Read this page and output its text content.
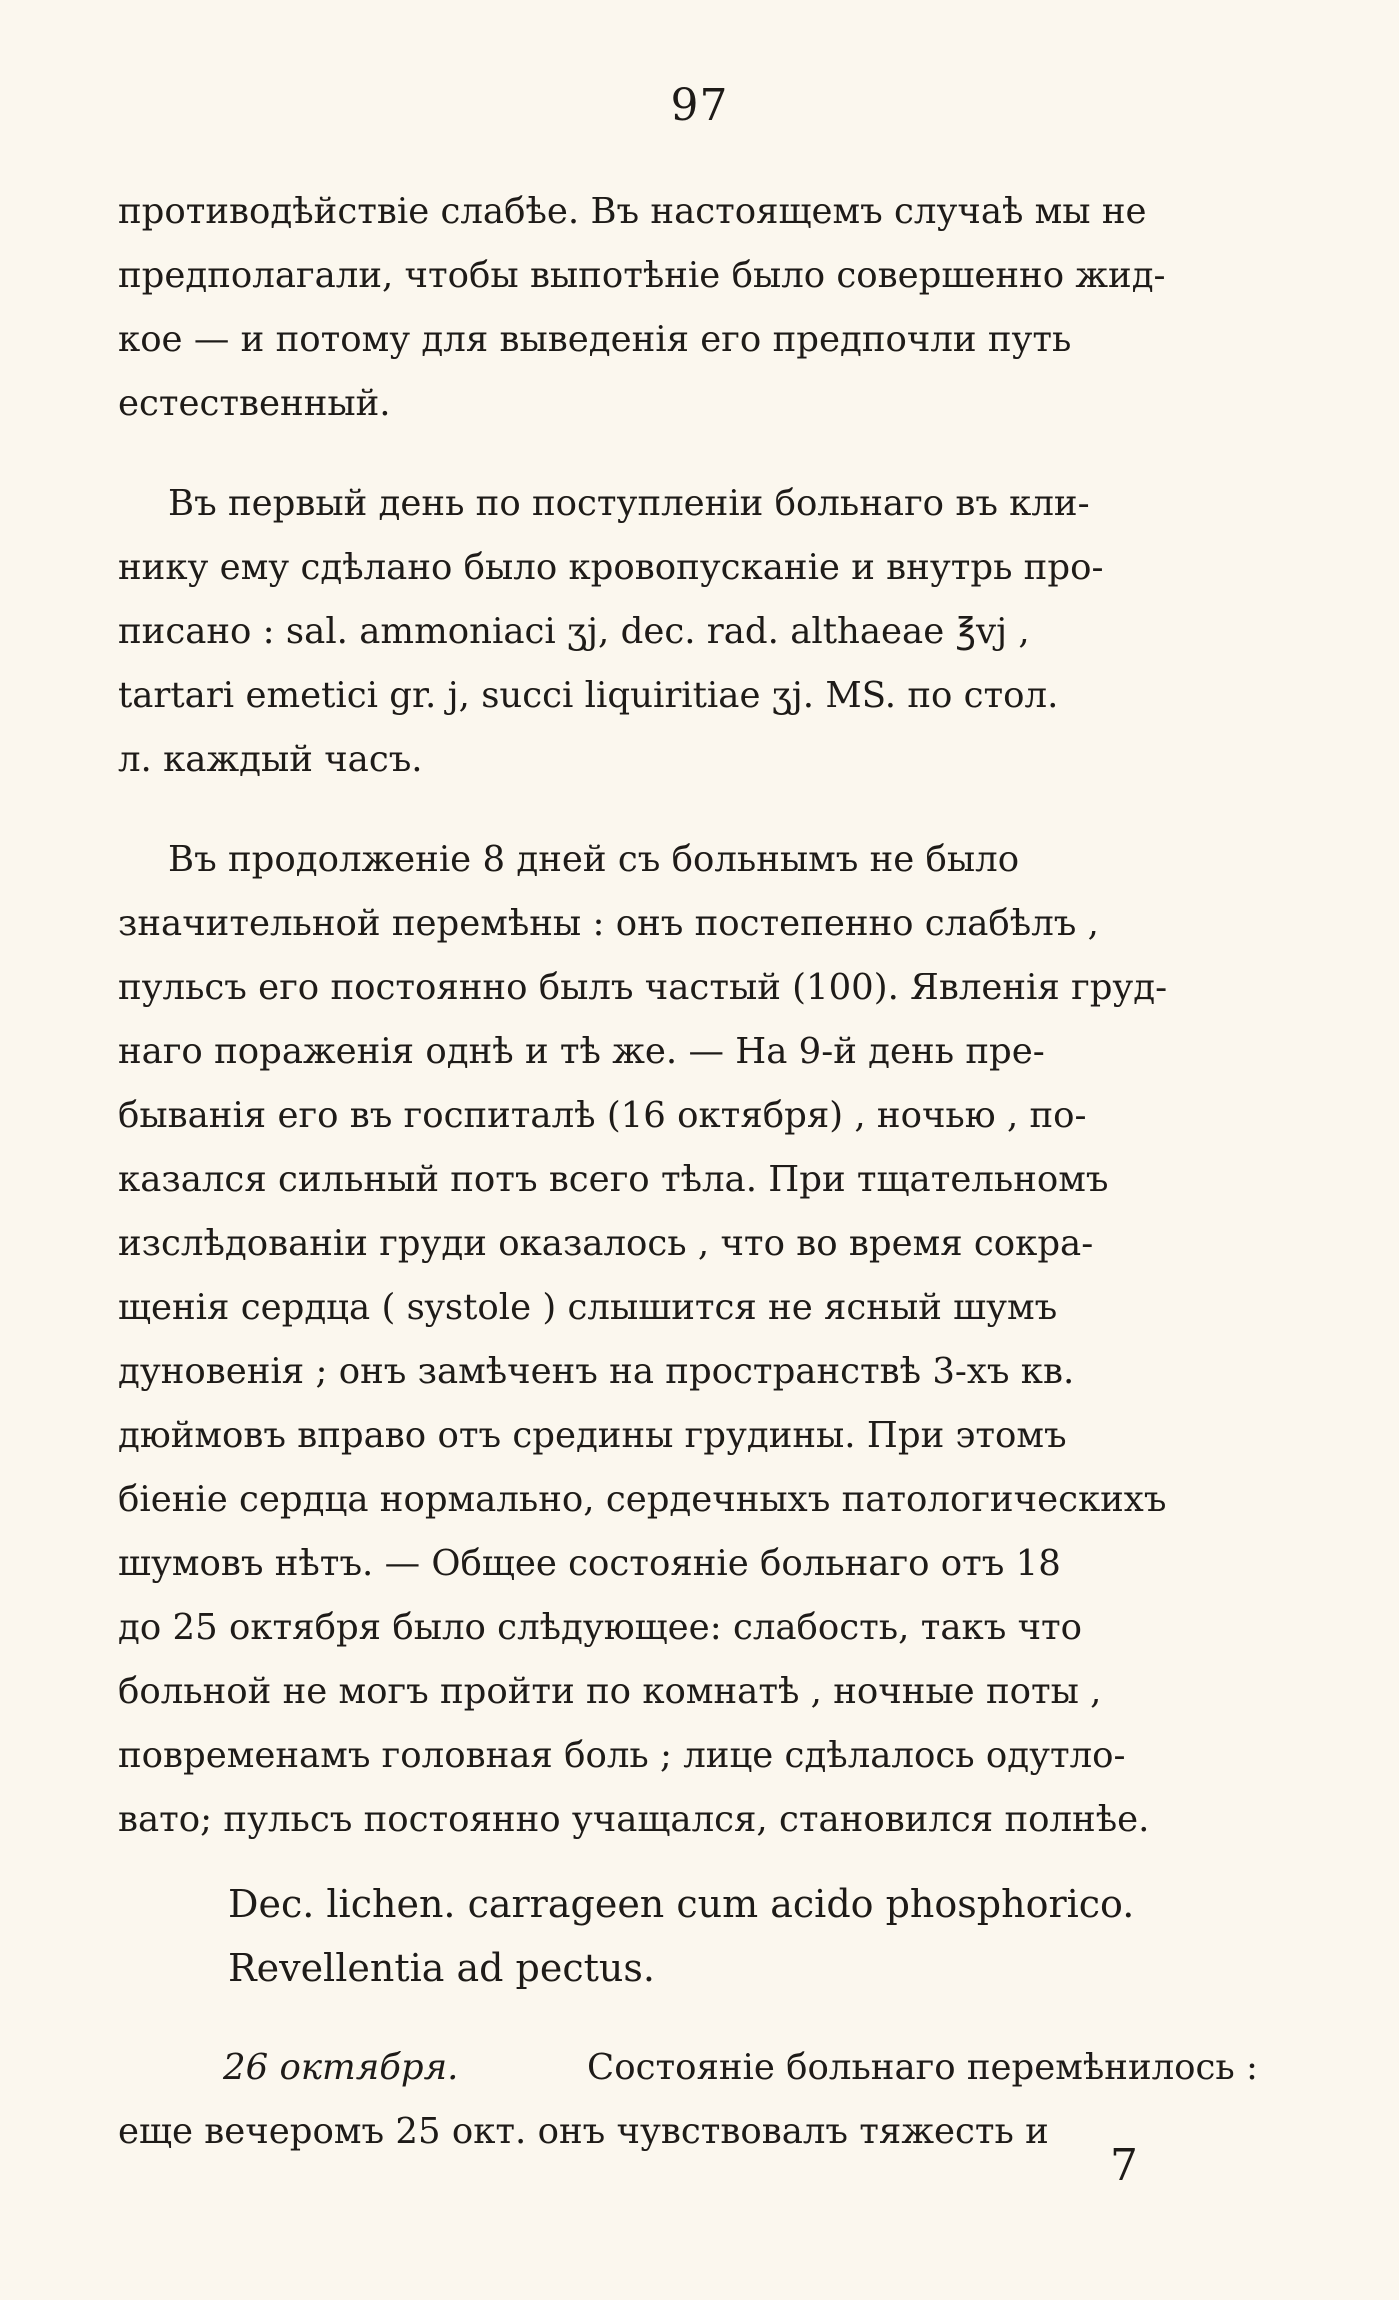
97
противодѣйствіе слабѣе. Въ настоящемъ случаѣ мы не
предполагали, чтобы выпотѣніе было совершенно жид-
кое — и потому для выведенія его предпочли путь
естественный.
Въ первый день по поступленіи больнаго въ кли-
нику ему сдѣлано было кровопусканіе и внутрь про-
писано : sal. ammoniaci ʒj, dec. rad. althaeae ℥vj ,
tartari emetici gr. j, succi liquiritiae ʒj. MS. по стол.
л. каждый часъ.
Въ продолженіе 8 дней съ больнымъ не было
значительной перемѣны : онъ постепенно слабѣлъ ,
пульсъ его постоянно былъ частый (100). Явленія груд-
наго пораженія однѣ и тѣ же. — На 9-й день пре-
быванія его въ госпиталѣ (16 октября) , ночью , по-
казался сильный потъ всего тѣла. При тщательномъ
изслѣдованіи груди оказалось , что во время сокра-
щенія сердца ( systole ) слышится не ясный шумъ
дуновенія ; онъ замѣченъ на пространствѣ 3-хъ кв.
дюймовъ вправо отъ средины грудины. При этомъ
біеніе сердца нормально, сердечныхъ патологическихъ
шумовъ нѣтъ. — Общее состояніе больнаго отъ 18
до 25 октября было слѣдующее: слабость, такъ что
больной не могъ пройти по комнатѣ , ночные поты ,
повременамъ головная боль ; лице сдѣлалось одутло-
вато; пульсъ постоянно учащался, становился полнѣе.
Dec. lichen. carrageen cum acido phosphorico.
Revellentia ad pectus.
26 октября.	Состояніе больнаго перемѣнилось :
еще вечеромъ 25 окт. онъ чувствовалъ тяжесть и
7
